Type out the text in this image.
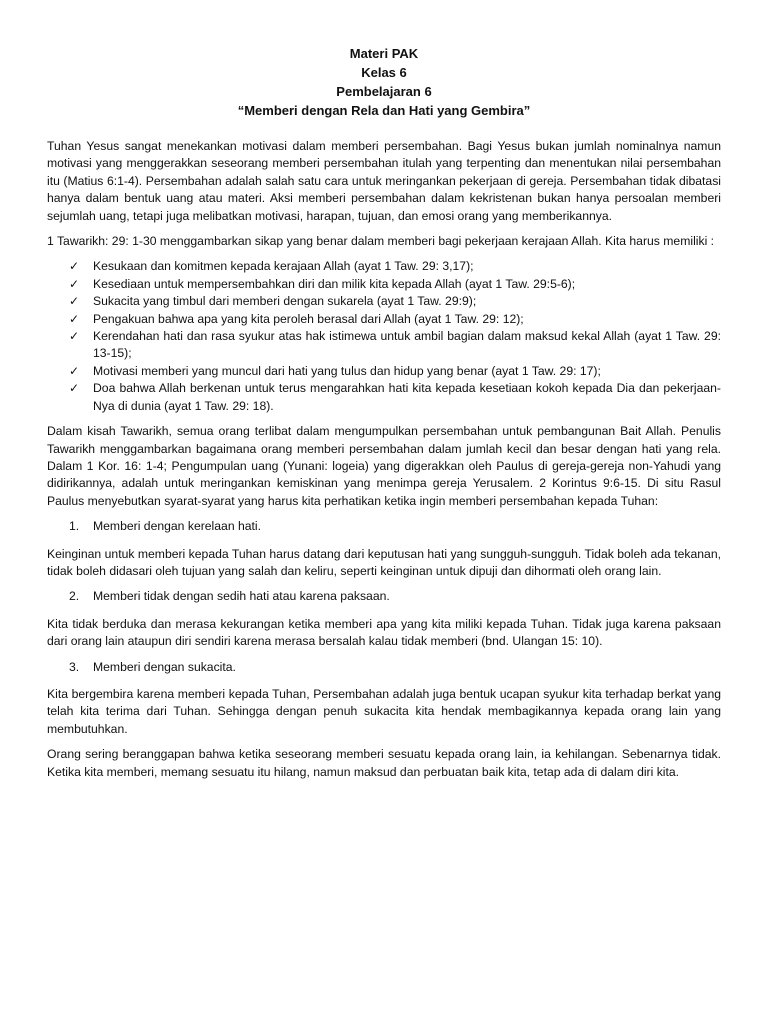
Materi PAK
Kelas 6
Pembelajaran 6
“Memberi dengan Rela dan Hati yang Gembira”

Tuhan Yesus sangat menekankan motivasi dalam memberi persembahan. Bagi Yesus bukan jumlah nominalnya namun motivasi yang menggerakkan seseorang memberi persembahan itulah yang terpenting dan menentukan nilai persembahan itu (Matius 6:1-4). Persembahan adalah salah satu cara untuk meringankan pekerjaan di gereja. Persembahan tidak dibatasi hanya dalam bentuk uang atau materi. Aksi memberi persembahan dalam kekristenan bukan hanya persoalan memberi sejumlah uang, tetapi juga melibatkan motivasi, harapan, tujuan, dan emosi orang yang memberikannya.

1 Tawarikh: 29: 1-30 menggambarkan sikap yang benar dalam memberi bagi pekerjaan kerajaan Allah. Kita harus memiliki :

✓ Kesukaan dan komitmen kepada kerajaan Allah (ayat 1 Taw. 29: 3,17);
✓ Kesediaan untuk mempersembahkan diri dan milik kita kepada Allah (ayat 1 Taw. 29:5-6);
✓ Sukacita yang timbul dari memberi dengan sukarela (ayat 1 Taw. 29:9);
✓ Pengakuan bahwa apa yang kita peroleh berasal dari Allah (ayat 1 Taw. 29: 12);
✓ Kerendahan hati dan rasa syukur atas hak istimewa untuk ambil bagian dalam maksud kekal Allah (ayat 1 Taw. 29: 13-15);
✓ Motivasi memberi yang muncul dari hati yang tulus dan hidup yang benar (ayat 1 Taw. 29: 17);
✓ Doa bahwa Allah berkenan untuk terus mengarahkan hati kita kepada kesetiaan kokoh kepada Dia dan pekerjaan-Nya di dunia (ayat 1 Taw. 29: 18).

Dalam kisah Tawarikh, semua orang terlibat dalam mengumpulkan persembahan untuk pembangunan Bait Allah. Penulis Tawarikh menggambarkan bagaimana orang memberi persembahan dalam jumlah kecil dan besar dengan hati yang rela. Dalam 1 Kor. 16: 1-4; Pengumpulan uang (Yunani: logeia) yang digerakkan oleh Paulus di gereja-gereja non-Yahudi yang didirikannya, adalah untuk meringankan kemiskinan yang menimpa gereja Yerusalem. 2 Korintus 9:6-15. Di situ Rasul Paulus menyebutkan syarat-syarat yang harus kita perhatikan ketika ingin memberi persembahan kepada Tuhan:

1. Memberi dengan kerelaan hati.

Keinginan untuk memberi kepada Tuhan harus datang dari keputusan hati yang sungguh-sungguh. Tidak boleh ada tekanan, tidak boleh didasari oleh tujuan yang salah dan keliru, seperti keinginan untuk dipuji dan dihormati oleh orang lain.

2. Memberi tidak dengan sedih hati atau karena paksaan.

Kita tidak berduka dan merasa kekurangan ketika memberi apa yang kita miliki kepada Tuhan. Tidak juga karena paksaan dari orang lain ataupun diri sendiri karena merasa bersalah kalau tidak memberi (bnd. Ulangan 15: 10).

3. Memberi dengan sukacita.

Kita bergembira karena memberi kepada Tuhan, Persembahan adalah juga bentuk ucapan syukur kita terhadap berkat yang telah kita terima dari Tuhan. Sehingga dengan penuh sukacita kita hendak membagikannya kepada orang lain yang membutuhkan.

Orang sering beranggapan bahwa ketika seseorang memberi sesuatu kepada orang lain, ia kehilangan. Sebenarnya tidak. Ketika kita memberi, memang sesuatu itu hilang, namun maksud dan perbuatan baik kita, tetap ada di dalam diri kita.
